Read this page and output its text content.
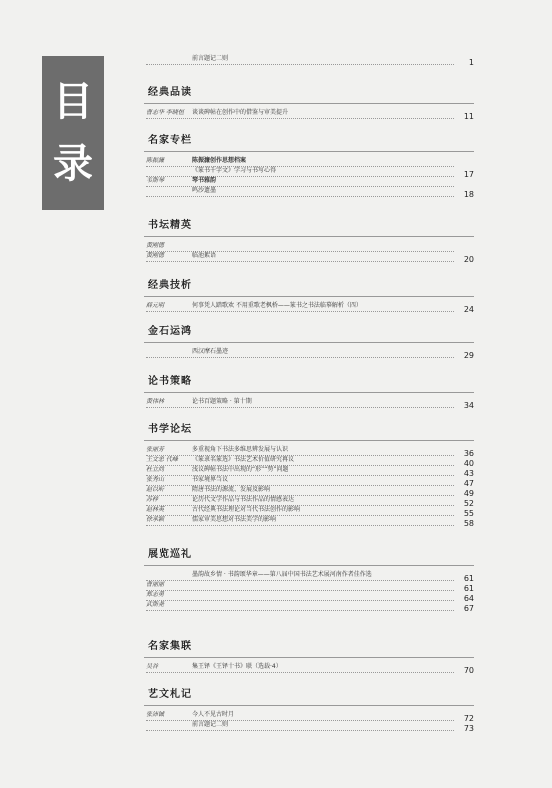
目
录
前言题记二则	1
经典品读
曹志华 李晓恒	谈谈碑帖在创作中的借鉴与审美提升	11
名家专栏
陈振濂	陈振濂创作思想档案
《篆书千字文》学习与书写心得	17
韦斯琴	琴书雅韵
鸣沙遗墨	18
书坛精英
黄刚德
黄刚德	临池絮语	20
经典技析
薛元明	何事凭人踏歌欢 不用重歌老枫桥——篆书之书法临摹解析（四）	24
金石运鸿
西汉摩石墨迹	29
论书策略
黄伟林	论书百题策略 · 第十期	34
书学论坛
张丽芳	多重视角下书法多维思辨发展与认识	36
王文忠 代峰	《篆隶名篆选》书法艺术价值研究再议	40
杜立尚	浅议碑帖书法中出现的“形”“势”问题	43
张秀山	书家境界刍议	47
赵以昕	隋唐书法的源流、发展及影响	49
苏梓	论历代文学作品与书法作品的情感表达	52
赵林英	古代经典书法理论对当代书法创作的影响	55
徐承颖	儒家审美思想对书法美学的影响	58
展览巡礼
墨韵故乡情 · 书韵颂华章——第八届中国书法艺术展河南作者佳作选	61
曹丽丽	61
郑志勇	64
武斯尧	67
名家集联
吴谷	集王铎《王铎十书》联（选载·4）	70
艺文札记
张沛铖	今人不见古时月	72
前言题记二则	73
